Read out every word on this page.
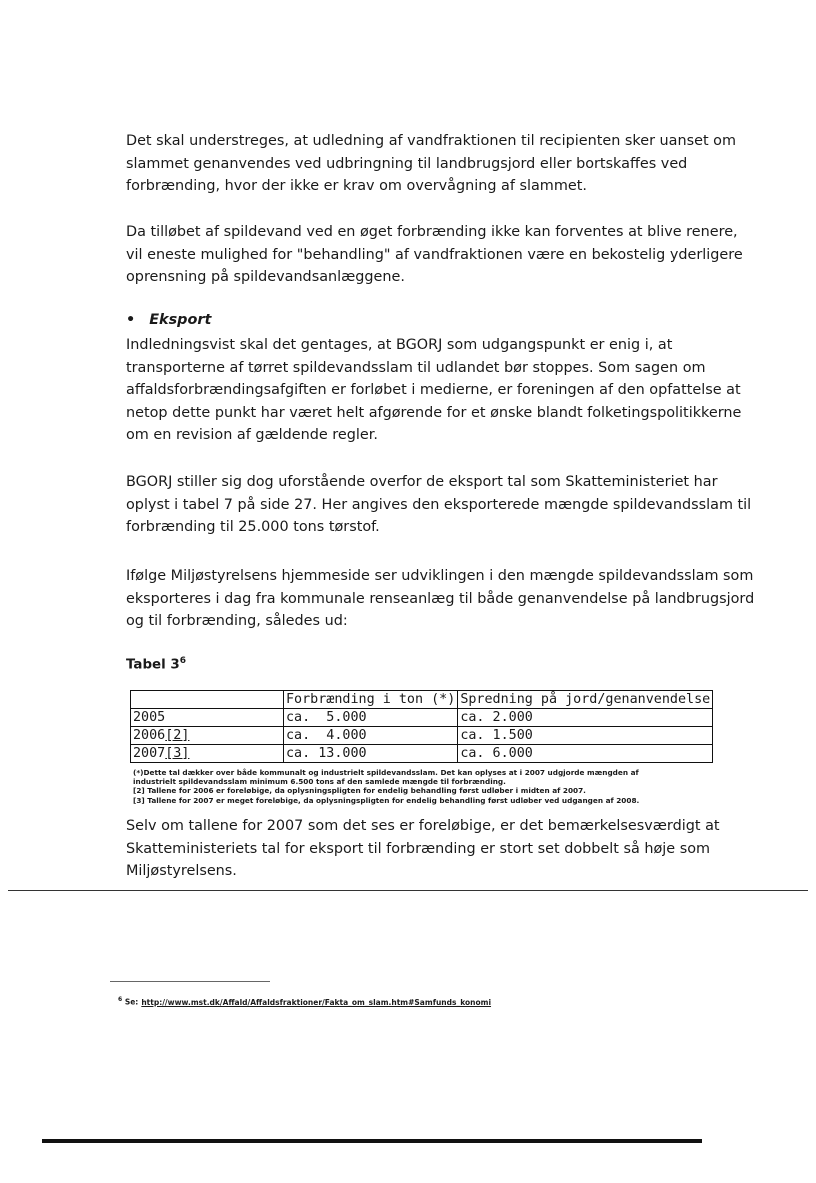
Det skal understreges, at udledning af vandfraktionen til recipienten sker uanset om
slammet genanvendes ved udbringning til landbrugsjord eller bortskaffes ved
forbrænding, hvor der ikke er krav om overvågning af slammet.

Da tilløbet af spildevand ved en øget forbrænding ikke kan forventes at blive renere,
vil eneste mulighed for "behandling" af vandfraktionen være en bekostelig yderligere
oprensning på spildevandsanlæggene.

• Eksport

Indledningsvist skal det gentages, at BGORJ som udgangspunkt er enig i, at
transporterne af tørret spildevandsslam til udlandet bør stoppes. Som sagen om
affaldsforbrændingsafgiften er forløbet i medierne, er foreningen af den opfattelse at
netop dette punkt har været helt afgørende for et ønske blandt folketingspolitikkerne
om en revision af gældende regler.

BGORJ stiller sig dog uforstående overfor de eksport tal som Skatteministeriet har
oplyst i tabel 7 på side 27. Her angives den eksporterede mængde spildevandsslam til
forbrænding til 25.000 tons tørstof.

Ifølge Miljøstyrelsens hjemmeside ser udviklingen i den mængde spildevandsslam som
eksporteres i dag fra kommunale renseanlæg til både genanvendelse på landbrugsjord
og til forbrænding, således ud:

Tabel $3^6$
	Forbrænding i ton (*)	Spredning på jord/genanvendelse
2005	ca.  5.000	ca. 2.000
2006[2]	ca.  4.000	ca. 1.500
2007[3]	ca. 13.000	ca. 6.000
(*)Dette tal dækker over både kommunalt og industrielt spildevandsslam. Det kan oplyses at i 2007 udgjorde mængden af
industrielt spildevandsslam minimum 6.500 tons af den samlede mængde til forbrænding.
[2] Tallene for 2006 er foreløbige, da oplysningspligten for endelig behandling først udløber i midten af 2007.
[3] Tallene for 2007 er meget foreløbige, da oplysningspligten for endelig behandling først udløber ved udgangen af 2008.

Selv om tallene for 2007 som det ses er foreløbige, er det bemærkelsesværdigt at
Skatteministeriets tal for eksport til forbrænding er stort set dobbelt så høje som
Miljøstyrelsens.

$^6$ Se: http://www.mst.dk/Affald/Affaldsfraktioner/Fakta_om_slam.htm#Samfunds_konomi
